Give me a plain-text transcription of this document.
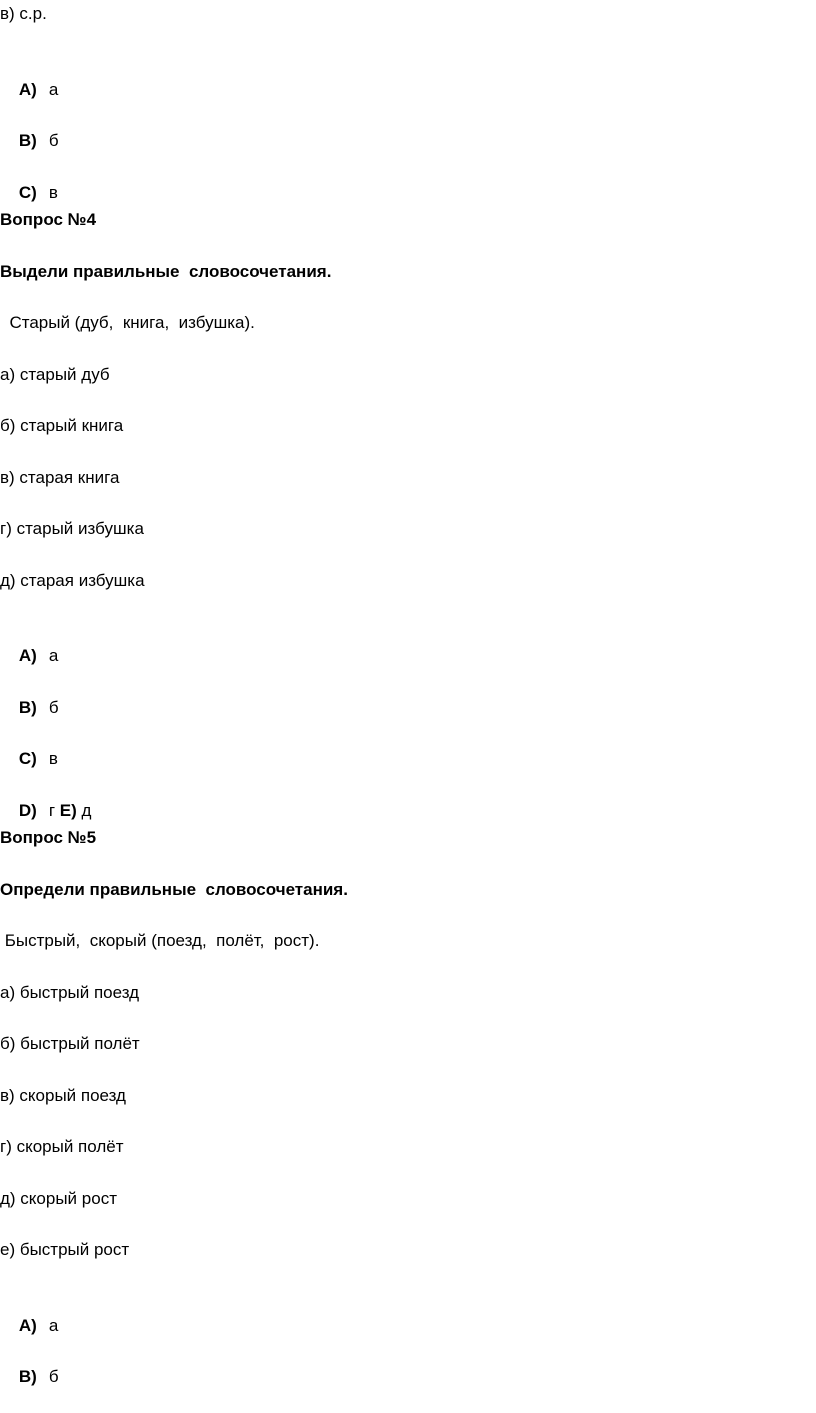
в) с.р.

A) а

B) б

C) в

Вопрос №4
Выдели правильные  словосочетания.
Старый (дуб,  книга,  избушка).
а) старый дуб
б) старый книга
в) старая книга
г) старый избушка
д) старая избушка

A) а

B) б

C) в

D) г E) д

Вопрос №5
Определи правильные  словосочетания.
Быстрый,  скорый (поезд,  полёт,  рост).
а) быстрый поезд
б) быстрый полёт
в) скорый поезд
г) скорый полёт
д) скорый рост
е) быстрый рост

A) а

B) б
